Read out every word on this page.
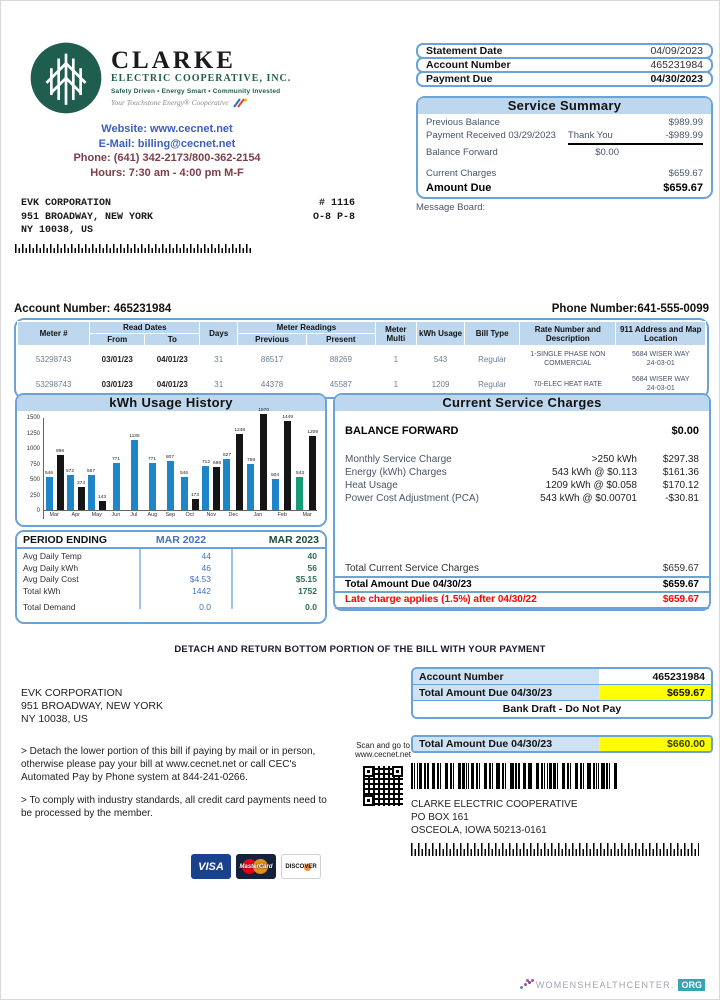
CLARKE
ELECTRIC COOPERATIVE, INC.
Safety Driven • Energy Smart • Community Invested
Your Touchstone Energy® Cooperative
Website: www.cecnet.net
E-Mail: billing@cecnet.net
Phone: (641) 342-2173/800-362-2154
Hours: 7:30 am - 4:00 pm M-F
Statement Date	04/09/2023
Account Number	465231984
Payment Due	04/30/2023
Service Summary
Previous Balance	$989.99
Payment Received 03/29/2023 Thank You	-$989.99
Balance Forward	$0.00
Current Charges	$659.67
Amount Due	$659.67
Message Board:
EVK CORPORATION	# 1116
951 BROADWAY, NEW YORK	O-8 P-8
NY 10038, US
Account Number: 465231984	Phone Number:641-555-0099
Meter #	Read Dates		Days	Meter Readings		Meter Multi	kWh Usage	Bill Type	Rate Number and Description	911 Address and Map Location
	From	To		Previous	Present					
53298743	03/01/23	04/01/23	31	86517	88269	1	543	Regular	1-SINGLE PHASE NON COMMERCIAL	5684 WISER WAY
24-03-01
53298743	03/01/23	04/01/23	31	44378	45587	1	1209	Regular	70-ELEC HEAT RATE	5684 WISER WAY
24-03-01
kWh Usage History
1500
1250
1000
750
500
250
0
546
898
Mar
572
374
Apr
567
143
May
771
Jun
1135
Jul
771
Aug
807
Sep
546
173
Oct
712 698
Nov
827
1248
Dec
758
1570
Jan
504
1449
Feb
543
1209
Mar
PERIOD ENDING	MAR 2022	MAR 2023
Avg Daily Temp	44	40
Avg Daily kWh	46	56
Avg Daily Cost	$4.53	$5.15
Total kWh	1442	1752
Total Demand	0.0	0.0
Current Service Charges
BALANCE FORWARD	$0.00
Monthly Service Charge	>250 kWh	$297.38
Energy (kWh) Charges	543 kWh @ $0.113	$161.36
Heat Usage	1209 kWh @ $0.058	$170.12
Power Cost Adjustment (PCA)	543 kWh @ $0.00701	-$30.81
Total Current Service Charges	$659.67
Total Amount Due 04/30/23	$659.67
Late charge applies (1.5%) after 04/30/22	$659.67
DETACH AND RETURN BOTTOM PORTION OF THE BILL WITH YOUR PAYMENT
EVK CORPORATION
951 BROADWAY, NEW YORK
NY 10038, US

> Detach the lower portion of this bill if paying by mail or in person, otherwise please pay your bill at www.cecnet.net or call CEC's Automated Pay by Phone system at 844-241-0266.

> To comply with industry standards, all credit card payments need to be processed by the member.

VISA	MasterCard DISCOVER
Scan and go to
www.cecnet.net
Account Number	465231984
Total Amount Due 04/30/23	$659.67
Bank Draft - Do Not Pay
Total Amount Due 04/30/23	$660.00
CLARKE ELECTRIC COOPERATIVE
PO BOX 161
OSCEOLA, IOWA 50213-0161
WOMENSHEALTHCENTER. ORG
